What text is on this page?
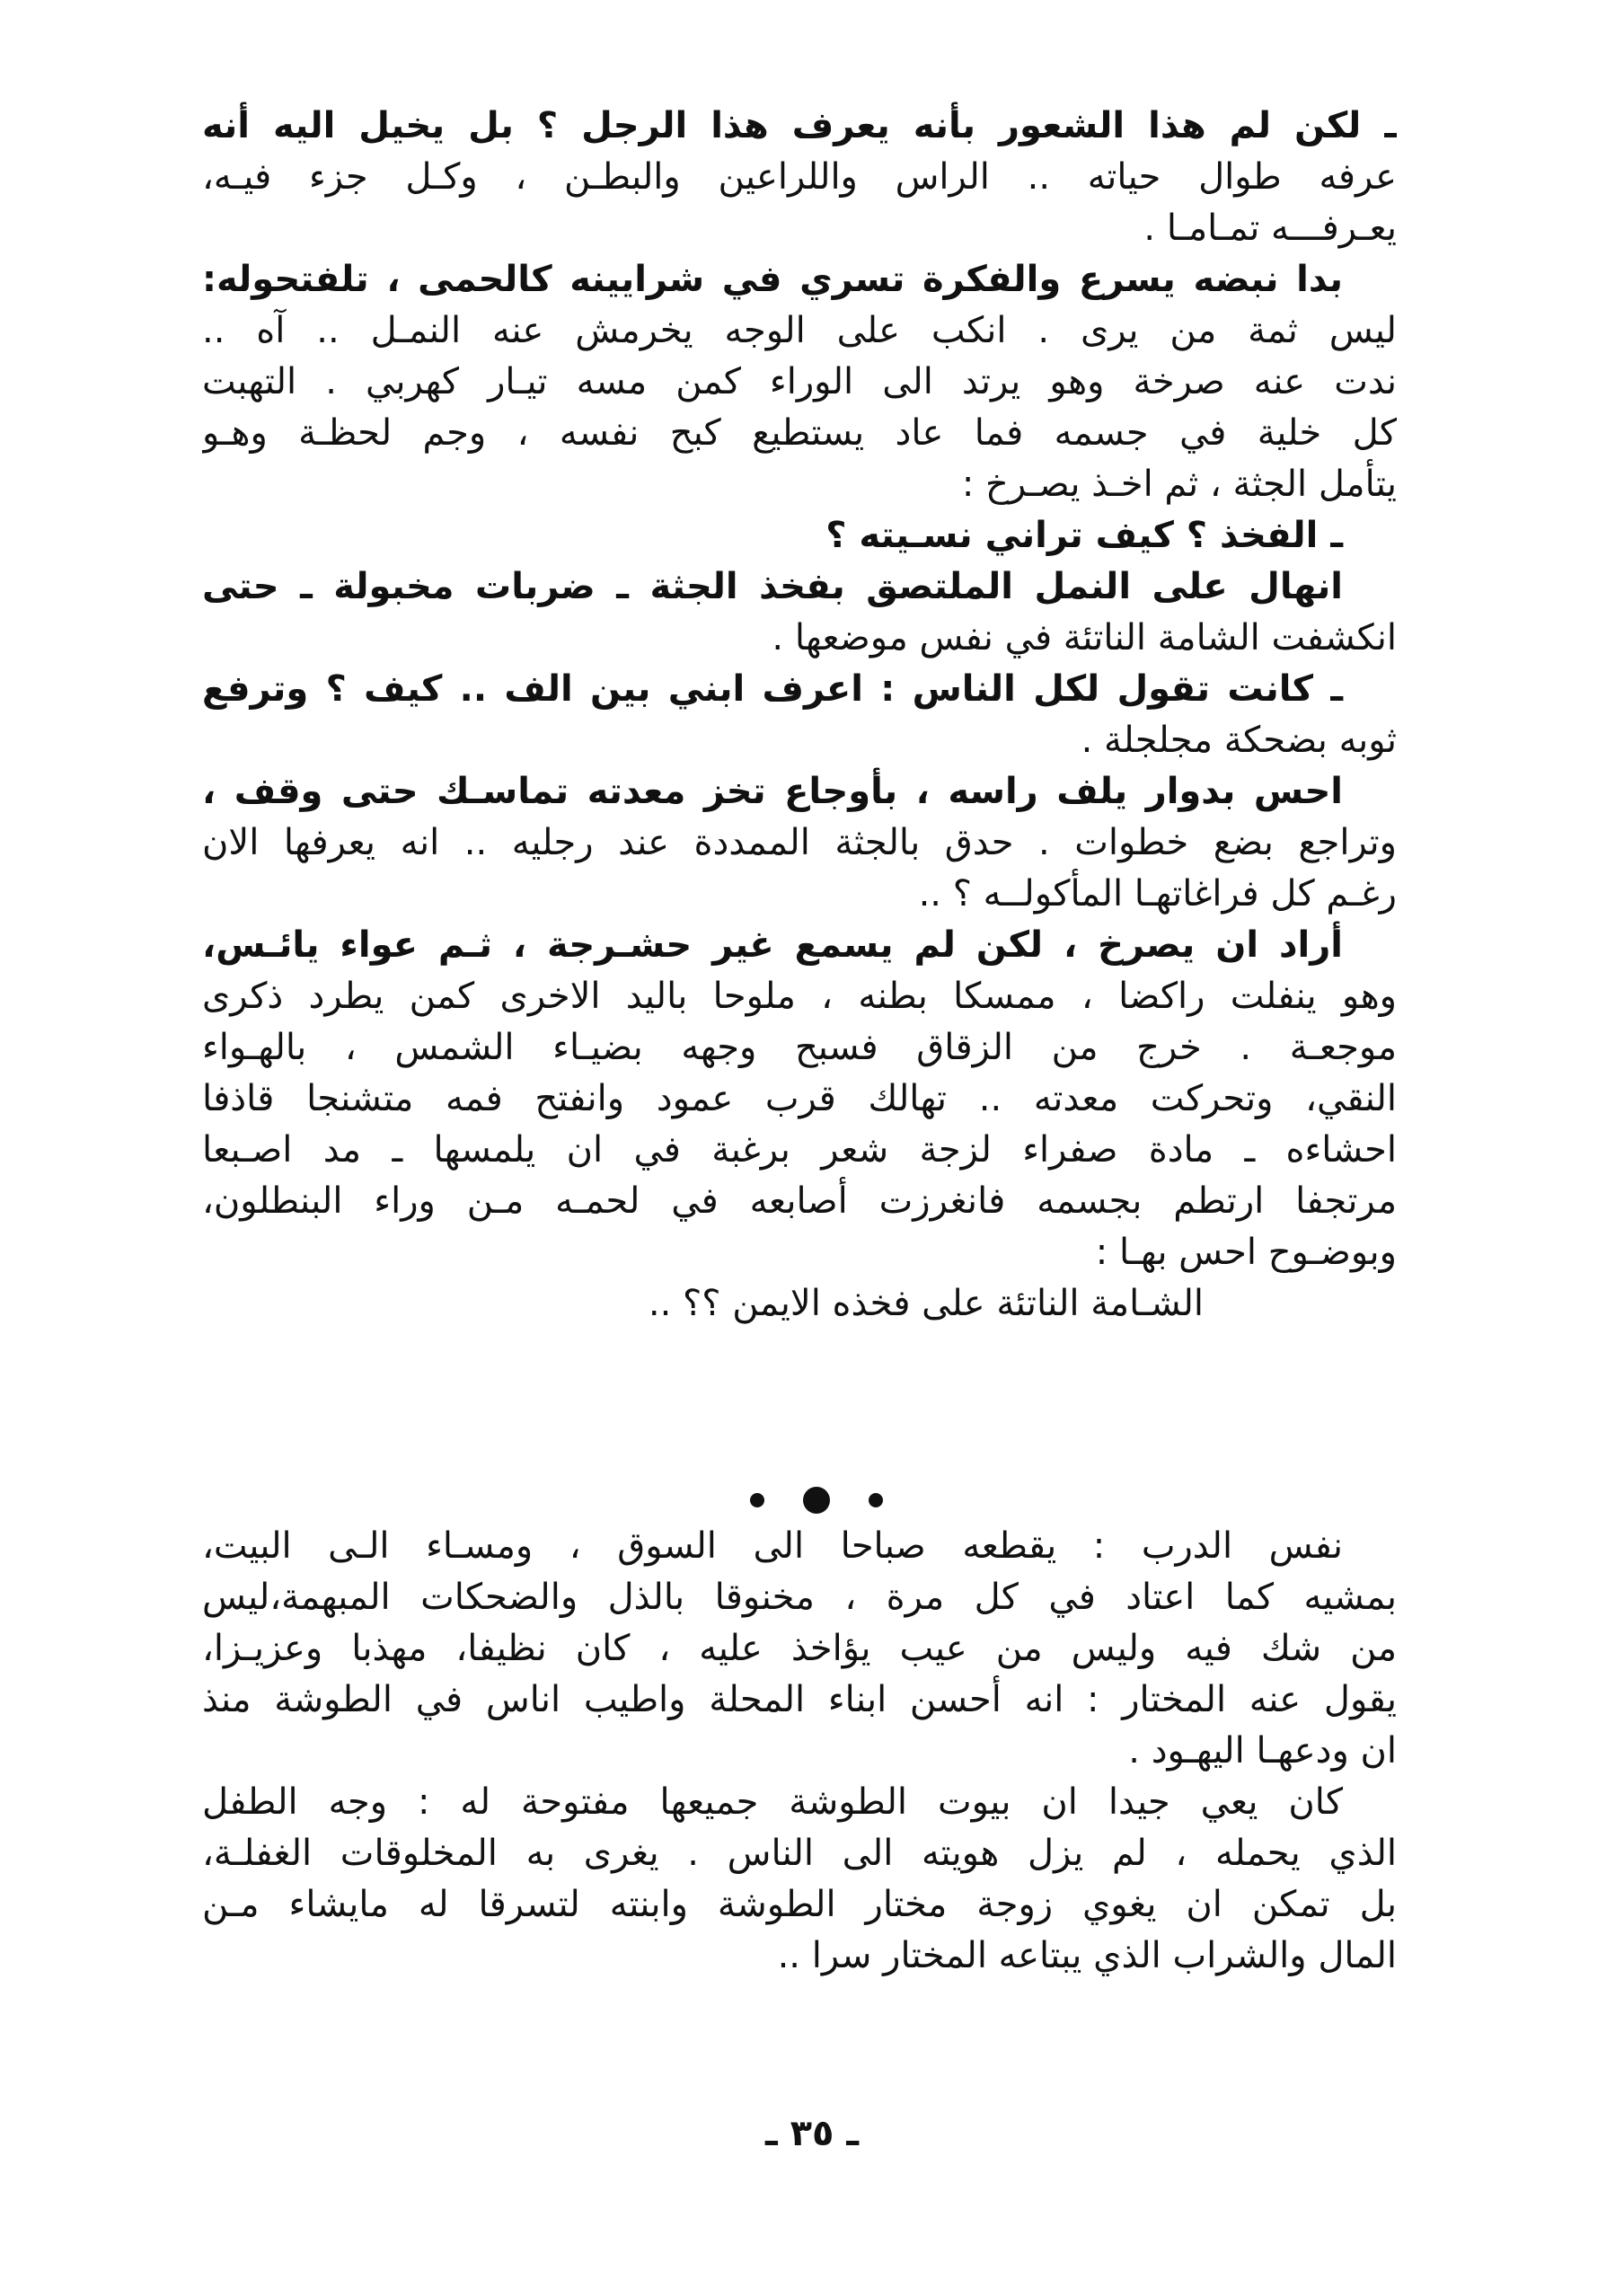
ـ لكن لم هذا الشعور بأنه يعرف هذا الرجل ؟ بل يخيل اليه أنه
عرفه طوال حياته .. الراس واللراعين والبطـن ، وكـل جزء فيـه،
يعـرفـــه تمـامـا .
بدا نبضه يسرع والفكرة تسري في شرايينه كالحمى ، تلفتحوله:
ليس ثمة من يرى . انكب على الوجه يخرمش عنه النمـل .. آه ..
ندت عنه صرخة وهو يرتد الى الوراء كمن مسه تيـار كهربي . التهبت
كل خلية في جسمه فما عاد يستطيع كبح نفسه ، وجم لحظـة وهـو
يتأمل الجثة ، ثم اخـذ يصـرخ :
ـ الفخذ ؟ كيف تراني نسـيته ؟
انهال على النمل الملتصق بفخذ الجثة ـ ضربات مخبولة ـ حتى
انكشفت الشامة الناتئة في نفس موضعها .
ـ كانت تقول لكل الناس : اعرف ابني بين الف .. كيف ؟ وترفع
ثوبه بضحكة مجلجلة .
احس بدوار يلف راسه ، بأوجاع تخز معدته تماسـك حتى وقف ،
وتراجع بضع خطوات . حدق بالجثة الممددة عند رجليه .. انه يعرفها الان
رغـم كل فراغاتهـا المأكولــه ؟ ..
أراد ان يصرخ ، لكن لم يسمع غير حشـرجة ، ثـم عواء يائـس،
وهو ينفلت راكضا ، ممسكا بطنه ، ملوحا باليد الاخرى كمن يطرد ذكرى
موجعـة . خرج من الزقاق فسبح وجهه بضيـاء الشمس ، بالهـواء
النقي، وتحركت معدته .. تهالك قرب عمود وانفتح فمه متشنجا قاذفا
احشاءه ـ مادة صفراء لزجة شعر برغبة في ان يلمسها ـ مد اصـبعا
مرتجفا ارتطم بجسمه فانغرزت أصابعه في لحمـه مـن وراء البنطلون،
وبوضـوح احس بهـا :
الشـامة الناتئة على فخذه الايمن ؟؟ ..
نفس الدرب : يقطعه صباحا الى السوق ، ومسـاء الـى البيت،
بمشيه كما اعتاد في كل مرة ، مخنوقا بالذل والضحكات المبهمة،ليس
من شك فيه وليس من عيب يؤاخذ عليه ، كان نظيفا، مهذبا وعزيـزا،
يقول عنه المختار : انه أحسن ابناء المحلة واطيب اناس في الطوشة منذ
ان ودعهـا اليهـود .
كان يعي جيدا ان بيوت الطوشة جميعها مفتوحة له : وجه الطفل
الذي يحمله ، لم يزل هويته الى الناس . يغرى به المخلوقات الغفلـة،
بل تمكن ان يغوي زوجة مختار الطوشة وابنته لتسرقا له مايشاء مـن
المال والشراب الذي يبتاعه المختار سرا ..
ـ ٣٥ ـ
